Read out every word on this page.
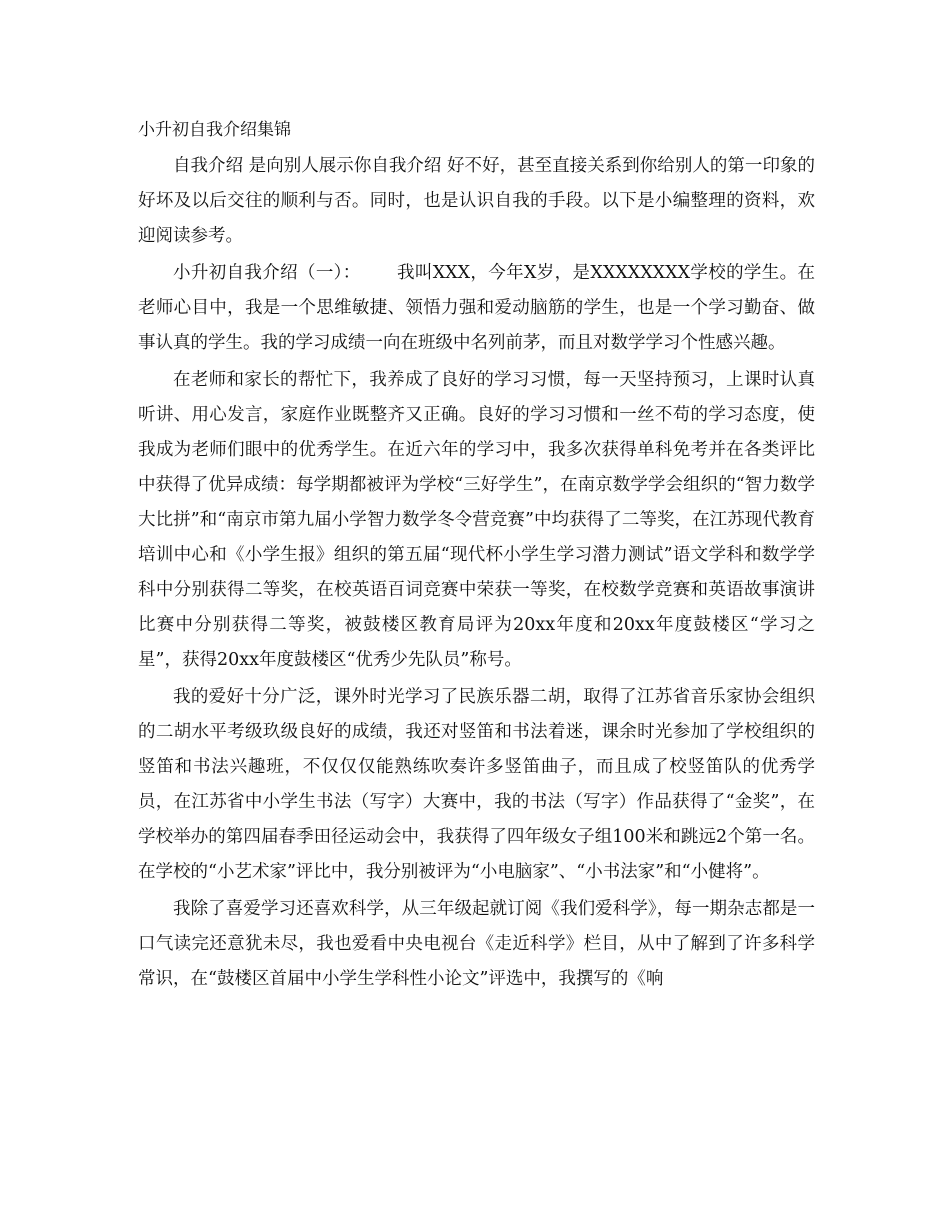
小升初自我介绍集锦

自我介绍 是向别人展示你自我介绍 好不好，甚至直接关系到你给别人的第一印象的好坏及以后交往的顺利与否。同时，也是认识自我的手段。以下是小编整理的资料，欢迎阅读参考。

小升初自我介绍（一）： 我叫XXX，今年X岁，是XXXXXXXX学校的学生。在老师心目中，我是一个思维敏捷、领悟力强和爱动脑筋的学生，也是一个学习勤奋、做事认真的学生。我的学习成绩一向在班级中名列前茅，而且对数学学习个性感兴趣。

在老师和家长的帮忙下，我养成了良好的学习习惯，每一天坚持预习，上课时认真听讲、用心发言，家庭作业既整齐又正确。良好的学习习惯和一丝不苟的学习态度，使我成为老师们眼中的优秀学生。在近六年的学习中，我多次获得单科免考并在各类评比中获得了优异成绩：每学期都被评为学校“三好学生”，在南京数学学会组织的“智力数学大比拼”和“南京市第九届小学智力数学冬令营竞赛”中均获得了二等奖，在江苏现代教育培训中心和《小学生报》组织的第五届“现代杯小学生学习潜力测试”语文学科和数学学科中分别获得二等奖，在校英语百词竞赛中荣获一等奖，在校数学竞赛和英语故事演讲比赛中分别获得二等奖，被鼓楼区教育局评为20xx年度和20xx年度鼓楼区“学习之星”，获得20xx年度鼓楼区“优秀少先队员”称号。

我的爱好十分广泛，课外时光学习了民族乐器二胡，取得了江苏省音乐家协会组织的二胡水平考级玖级良好的成绩，我还对竖笛和书法着迷，课余时光参加了学校组织的竖笛和书法兴趣班，不仅仅仅能熟练吹奏许多竖笛曲子，而且成了校竖笛队的优秀学员，在江苏省中小学生书法（写字）大赛中，我的书法（写字）作品获得了“金奖”，在学校举办的第四届春季田径运动会中，我获得了四年级女子组100米和跳远2个第一名。在学校的“小艺术家”评比中，我分别被评为“小电脑家”、“小书法家”和“小健将”。

我除了喜爱学习还喜欢科学，从三年级起就订阅《我们爱科学》，每一期杂志都是一口气读完还意犹未尽，我也爱看中央电视台《走近科学》栏目，从中了解到了许多科学常识，在“鼓楼区首届中小学生学科性小论文”评选中，我撰写的《响
